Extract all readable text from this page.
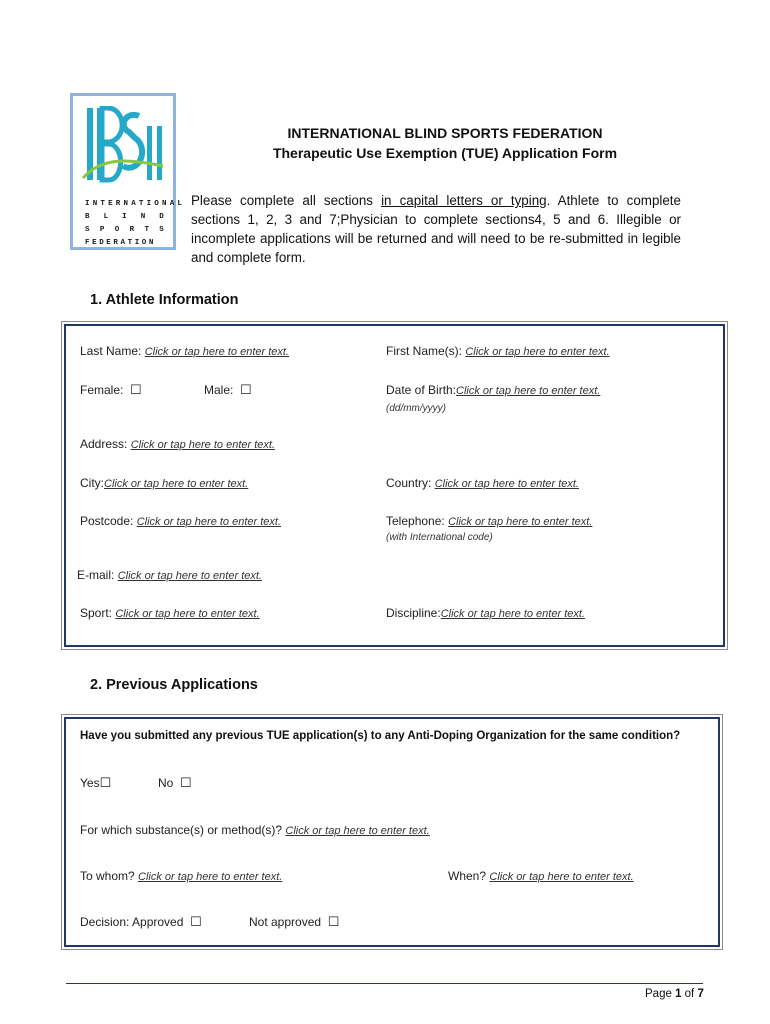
INTERNATIONAL
B L I N D
S P O R T S
FEDERATION
INTERNATIONAL BLIND SPORTS FEDERATION
Therapeutic Use Exemption (TUE) Application Form
Please complete all sections in capital letters or typing. Athlete to complete sections 1, 2, 3 and 7;Physician to complete sections4, 5 and 6. Illegible or incomplete applications will be returned and will need to be re-submitted in legible and complete form.
1. Athlete Information
Last Name: Click or tap here to enter text.	First Name(s): Click or tap here to enter text.
Female: ☐	Male: ☐	Date of Birth:Click or tap here to enter text.
(dd/mm/yyyy)
Address: Click or tap here to enter text.
City:Click or tap here to enter text.	Country: Click or tap here to enter text.
Postcode: Click or tap here to enter text.	Telephone: Click or tap here to enter text.
(with International code)
E-mail: Click or tap here to enter text.
Sport: Click or tap here to enter text.	Discipline:Click or tap here to enter text.
2. Previous Applications
Have you submitted any previous TUE application(s) to any Anti-Doping Organization for the same condition?
Yes☐	No ☐
For which substance(s) or method(s)? Click or tap here to enter text.
To whom? Click or tap here to enter text.	When? Click or tap here to enter text.
Decision: Approved ☐	Not approved ☐
Page 1 of 7
